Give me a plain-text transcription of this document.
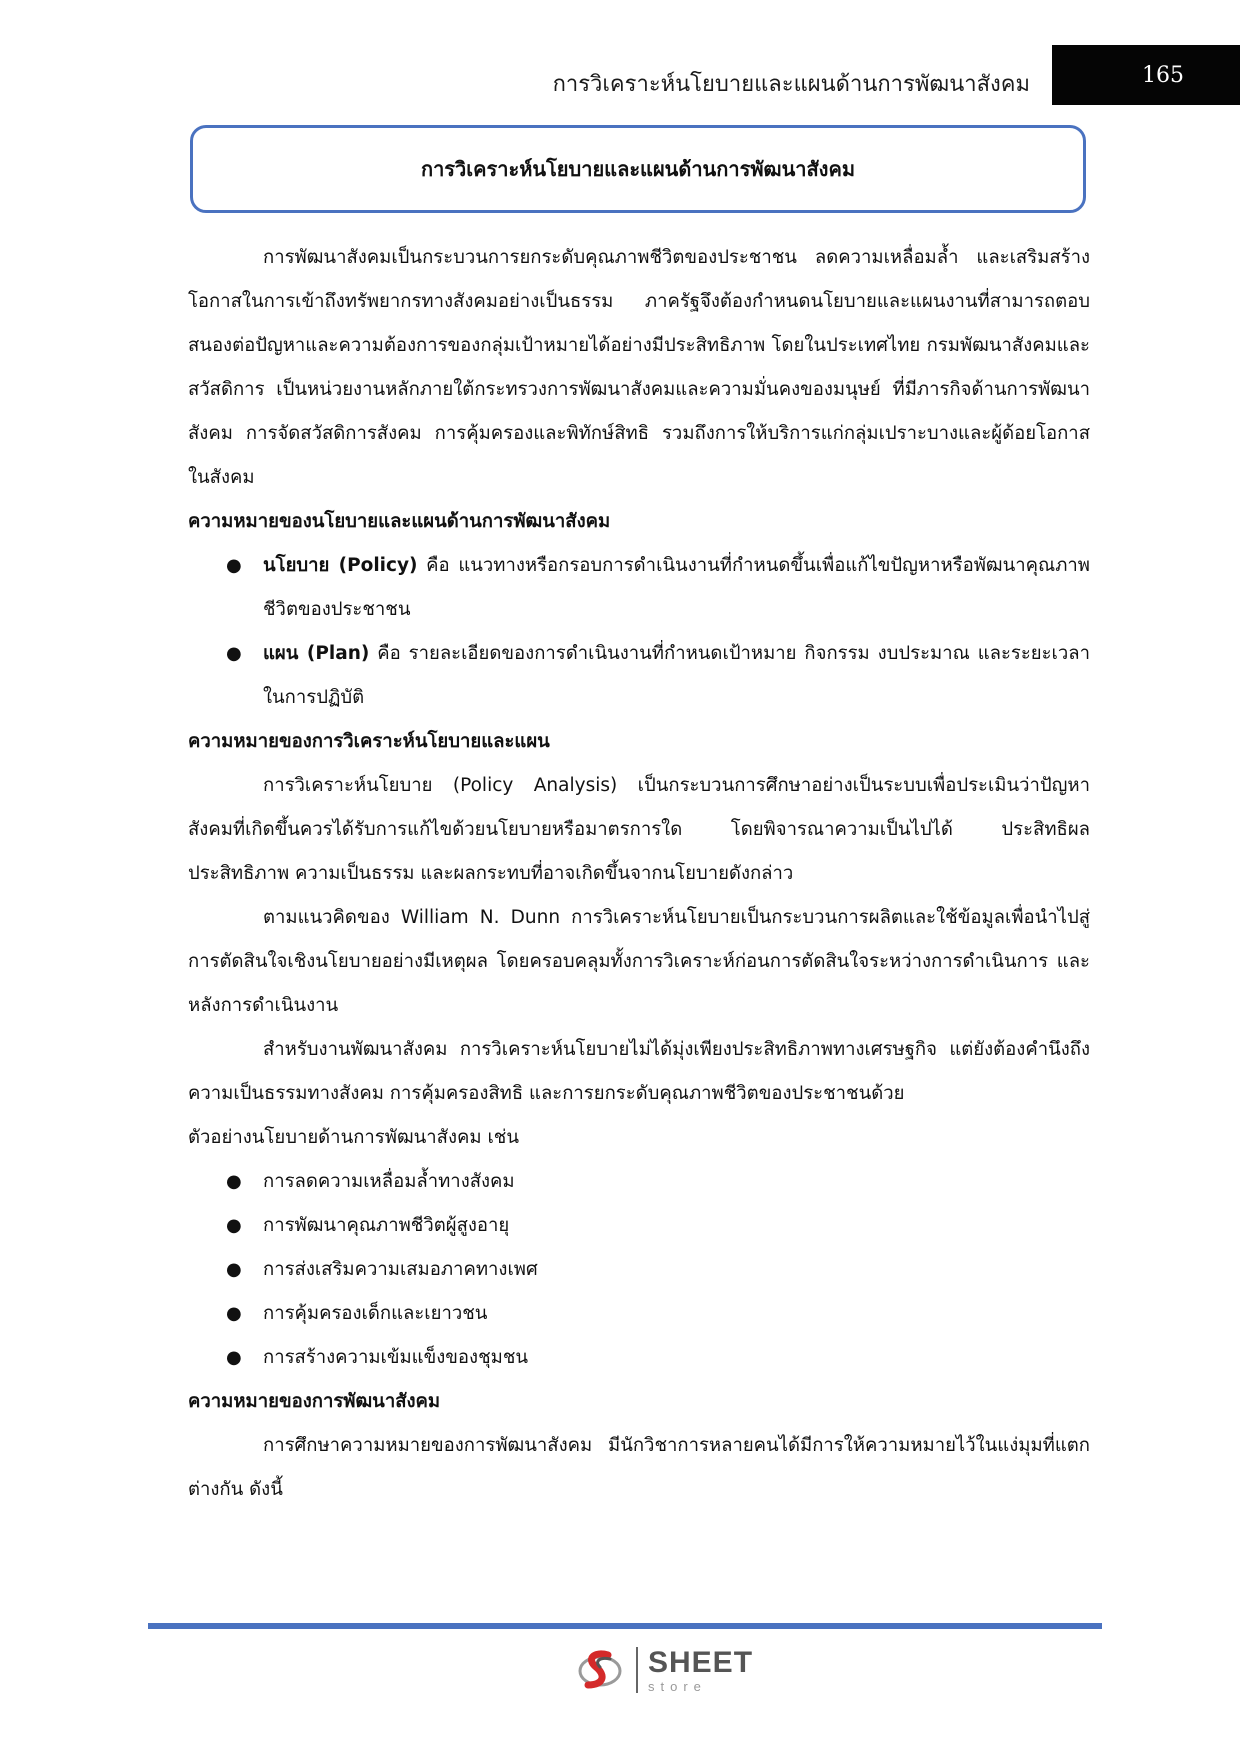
การวิเคราะห์นโยบายและแผนด้านการพัฒนาสังคม	165
การวิเคราะห์นโยบายและแผนด้านการพัฒนาสังคม

การพัฒนาสังคมเป็นกระบวนการยกระดับคุณภาพชีวิตของประชาชน ลดความเหลื่อมล้ำ และเสริมสร้างโอกาสในการเข้าถึงทรัพยากรทางสังคมอย่างเป็นธรรม ภาครัฐจึงต้องกำหนดนโยบายและแผนงานที่สามารถตอบสนองต่อปัญหาและความต้องการของกลุ่มเป้าหมายได้อย่างมีประสิทธิภาพ โดยในประเทศไทย กรมพัฒนาสังคมและสวัสดิการ เป็นหน่วยงานหลักภายใต้กระทรวงการพัฒนาสังคมและความมั่นคงของมนุษย์ ที่มีภารกิจด้านการพัฒนาสังคม การจัดสวัสดิการสังคม การคุ้มครองและพิทักษ์สิทธิ รวมถึงการให้บริการแก่กลุ่มเปราะบางและผู้ด้อยโอกาสในสังคม

ความหมายของนโยบายและแผนด้านการพัฒนาสังคม

● นโยบาย (Policy) คือ แนวทางหรือกรอบการดำเนินงานที่กำหนดขึ้นเพื่อแก้ไขปัญหาหรือพัฒนาคุณภาพชีวิตของประชาชน
● แผน (Plan) คือ รายละเอียดของการดำเนินงานที่กำหนดเป้าหมาย กิจกรรม งบประมาณ และระยะเวลาในการปฏิบัติ

ความหมายของการวิเคราะห์นโยบายและแผน

การวิเคราะห์นโยบาย (Policy Analysis) เป็นกระบวนการศึกษาอย่างเป็นระบบเพื่อประเมินว่าปัญหาสังคมที่เกิดขึ้นควรได้รับการแก้ไขด้วยนโยบายหรือมาตรการใด โดยพิจารณาความเป็นไปได้ ประสิทธิผล ประสิทธิภาพ ความเป็นธรรม และผลกระทบที่อาจเกิดขึ้นจากนโยบายดังกล่าว

ตามแนวคิดของ William N. Dunn การวิเคราะห์นโยบายเป็นกระบวนการผลิตและใช้ข้อมูลเพื่อนำไปสู่การตัดสินใจเชิงนโยบายอย่างมีเหตุผล โดยครอบคลุมทั้งการวิเคราะห์ก่อนการตัดสินใจระหว่างการดำเนินการ และหลังการดำเนินงาน

สำหรับงานพัฒนาสังคม การวิเคราะห์นโยบายไม่ได้มุ่งเพียงประสิทธิภาพทางเศรษฐกิจ แต่ยังต้องคำนึงถึงความเป็นธรรมทางสังคม การคุ้มครองสิทธิ และการยกระดับคุณภาพชีวิตของประชาชนด้วย

ตัวอย่างนโยบายด้านการพัฒนาสังคม เช่น

● การลดความเหลื่อมล้ำทางสังคม
● การพัฒนาคุณภาพชีวิตผู้สูงอายุ
● การส่งเสริมความเสมอภาคทางเพศ
● การคุ้มครองเด็กและเยาวชน
● การสร้างความเข้มแข็งของชุมชน

ความหมายของการพัฒนาสังคม

การศึกษาความหมายของการพัฒนาสังคม มีนักวิชาการหลายคนได้มีการให้ความหมายไว้ในแง่มุมที่แตกต่างกัน ดังนี้

SHEET
store
